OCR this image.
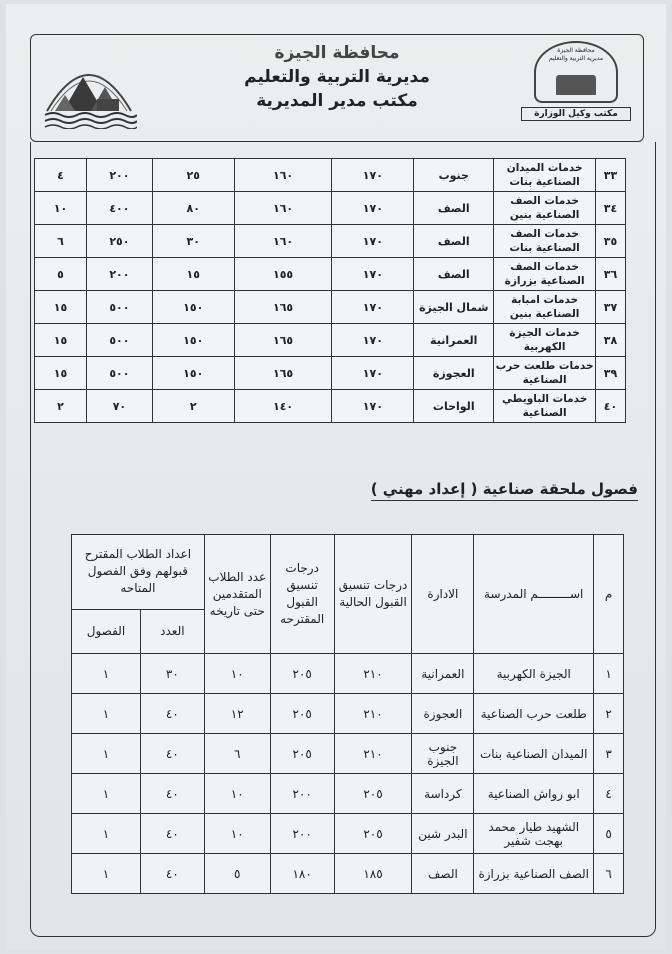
محافظة الجيزة
مديرية التربية والتعليم
مكتب وكيل الوزارة
محافظة الجيزة
مديرية التربية والتعليم
مكتب مدير المديرية
٣٣	خدمات الميدان الصناعية بنات	جنوب	١٧٠	١٦٠	٢٥	٢٠٠	٤
٣٤	خدمات الصف الصناعية بنين	الصف	١٧٠	١٦٠	٨٠	٤٠٠	١٠
٣٥	خدمات الصف الصناعية بنات	الصف	١٧٠	١٦٠	٣٠	٢٥٠	٦
٣٦	خدمات الصف الصناعية بزرازة	الصف	١٧٠	١٥٥	١٥	٢٠٠	٥
٣٧	خدمات امبابة الصناعية بنين	شمال الجيزة	١٧٠	١٦٥	١٥٠	٥٠٠	١٥
٣٨	خدمات الجيزة الكهربية	العمرانية	١٧٠	١٦٥	١٥٠	٥٠٠	١٥
٣٩	خدمات طلعت حرب الصناعية	العجوزة	١٧٠	١٦٥	١٥٠	٥٠٠	١٥
٤٠	خدمات الباويطي الصناعية	الواحات	١٧٠	١٤٠	٢	٧٠	٢
فصول ملحقة صناعية ( إعداد مهني )
م	اســـــــــم المدرسة	الادارة	درجات تنسيق القبول الحالية	درجات تنسيق القبول المقترحه	عدد الطلاب المتقدمين حتى تاريخه	اعداد الطلاب المقترح قبولهم وفق الفصول المتاحه	
						العدد	الفصول
١	الجيزة الكهربية	العمرانية	٢١٠	٢٠٥	١٠	٣٠	١
٢	طلعت حرب الصناعية	العجوزة	٢١٠	٢٠٥	١٢	٤٠	١
٣	الميدان الصناعية بنات	جنوب الجيزة	٢١٠	٢٠٥	٦	٤٠	١
٤	ابو رواش الصناعية	كرداسة	٢٠٥	٢٠٠	١٠	٤٠	١
٥	الشهيد طيار محمد بهجت شفير	البدر شين	٢٠٥	٢٠٠	١٠	٤٠	١
٦	الصف الصناعية بزرازة	الصف	١٨٥	١٨٠	٥	٤٠	١
